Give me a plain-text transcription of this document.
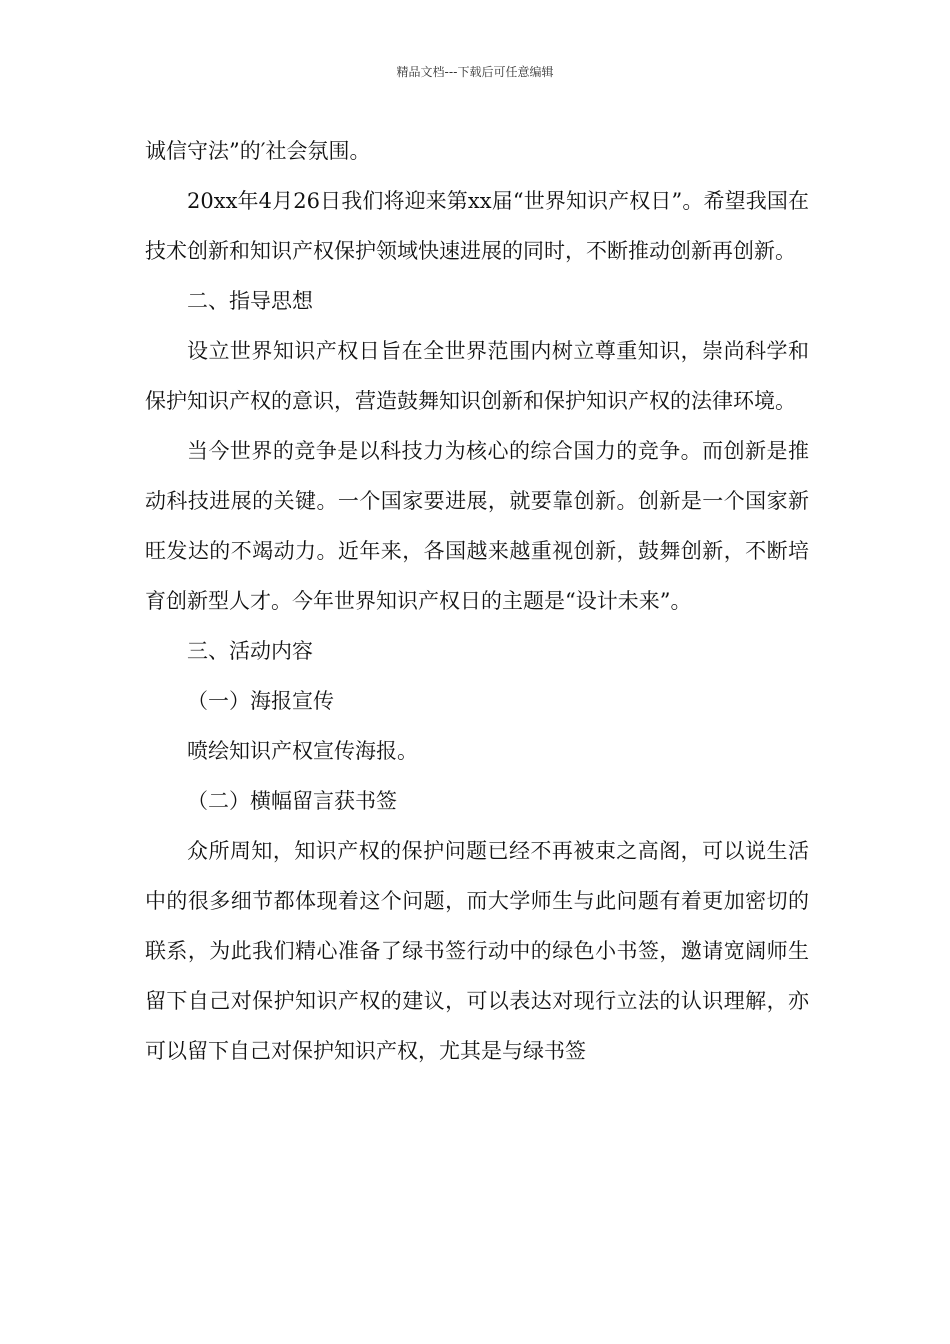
精品文档---下载后可任意编辑

诚信守法”的′社会氛围。

20xx年4月26日我们将迎来第xx届“世界知识产权日”。希望我国在技术创新和知识产权保护领域快速进展的同时，不断推动创新再创新。

二、指导思想

设立世界知识产权日旨在全世界范围内树立尊重知识，崇尚科学和保护知识产权的意识，营造鼓舞知识创新和保护知识产权的法律环境。

当今世界的竞争是以科技力为核心的综合国力的竞争。而创新是推动科技进展的关键。一个国家要进展，就要靠创新。创新是一个国家新旺发达的不竭动力。近年来，各国越来越重视创新，鼓舞创新，不断培育创新型人才。今年世界知识产权日的主题是“设计未来”。

三、活动内容

（一）海报宣传

喷绘知识产权宣传海报。

（二）横幅留言获书签

众所周知，知识产权的保护问题已经不再被束之高阁，可以说生活中的很多细节都体现着这个问题，而大学师生与此问题有着更加密切的联系，为此我们精心准备了绿书签行动中的绿色小书签，邀请宽阔师生留下自己对保护知识产权的建议，可以表达对现行立法的认识理解，亦可以留下自己对保护知识产权，尤其是与绿书签
